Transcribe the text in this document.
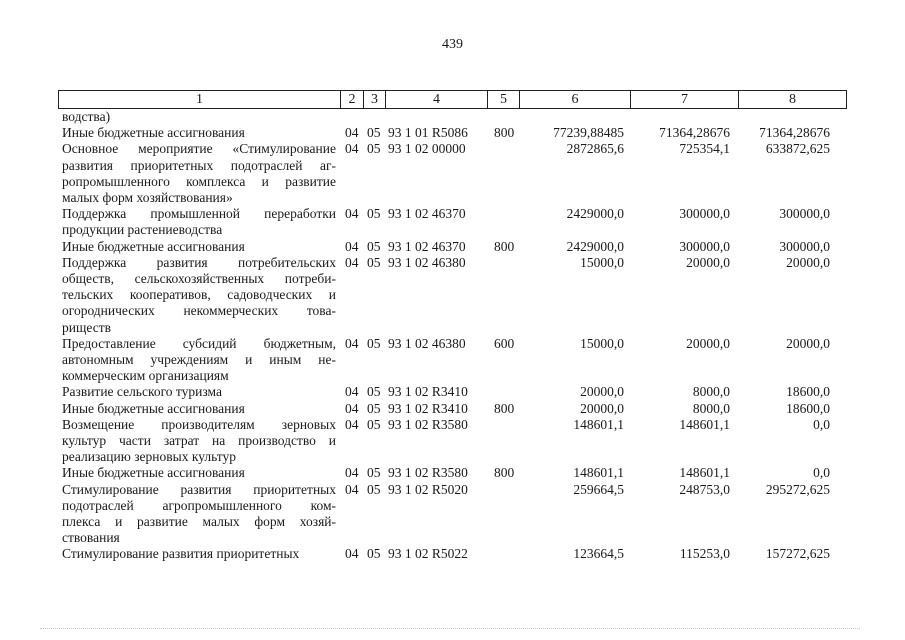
439
1	2	3	4	5	6	7	8
водства)
Иные бюджетные ассигнования	04 05 93 1 01 R5086 800	77239,88485	71364,28676	71364,28676
Основное мероприятие «Стимулирование
развития приоритетных подотраслей аг-
ропромышленного комплекса и развитие
малых форм хозяйствования»
04 05 93 1 02 00000	2872865,6	725354,1	633872,625
Поддержка промышленной переработки
продукции растениеводства
04 05 93 1 02 46370	2429000,0	300000,0	300000,0
Иные бюджетные ассигнования	04 05 93 1 02 46370 800	2429000,0	300000,0	300000,0
Поддержка развития потребительских
обществ, сельскохозяйственных потреби-
тельских кооперативов, садоводческих и
огороднических некоммерческих това-
риществ
04 05 93 1 02 46380	15000,0	20000,0	20000,0
Предоставление субсидий бюджетным,
автономным учреждениям и иным не-
коммерческим организациям
04 05 93 1 02 46380 600	15000,0	20000,0	20000,0
Развитие сельского туризма	04 05 93 1 02 R3410	20000,0	8000,0	18600,0
Иные бюджетные ассигнования	04 05 93 1 02 R3410 800	20000,0	8000,0	18600,0
Возмещение производителям зерновых
культур части затрат на производство и
реализацию зерновых культур
04 05 93 1 02 R3580	148601,1	148601,1	0,0
Иные бюджетные ассигнования	04 05 93 1 02 R3580 800	148601,1	148601,1	0,0
Стимулирование развития приоритетных
подотраслей агропромышленного ком-
плекса и развитие малых форм хозяй-
ствования
04 05 93 1 02 R5020	259664,5	248753,0	295272,625
Стимулирование развития приоритетных	04 05 93 1 02 R5022	123664,5	115253,0	157272,625
